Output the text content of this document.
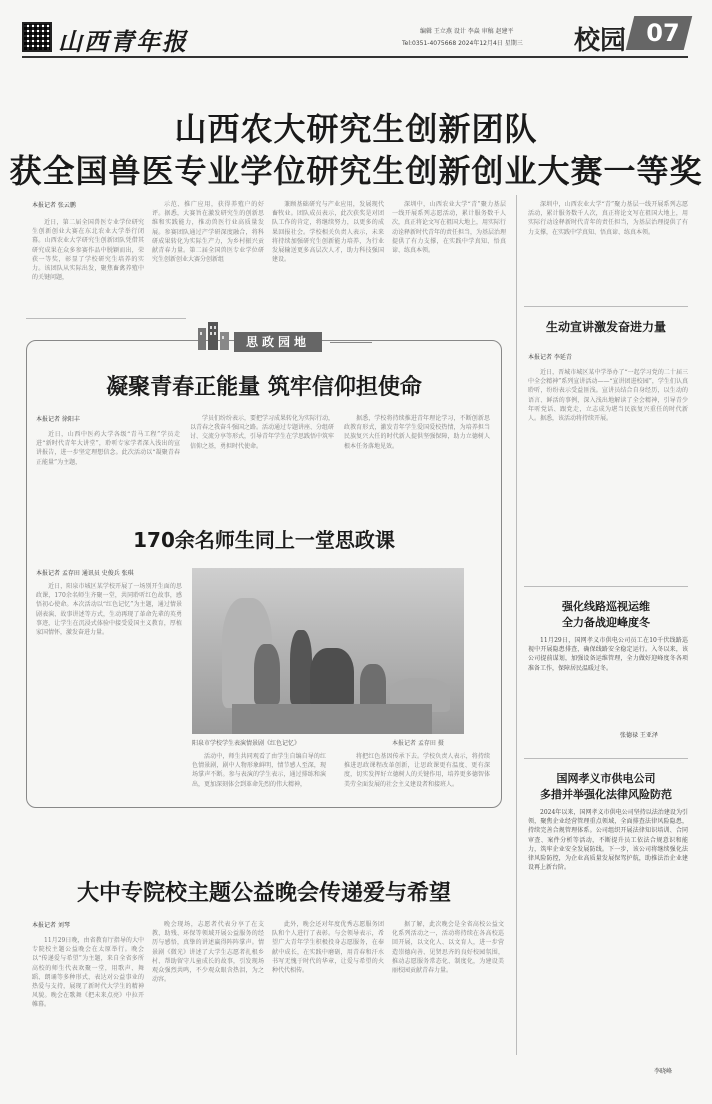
山西青年报	编辑 王立燕 设计 李焱 审稿 赵建平
Tel:0351-4075668 2024年12月4日 星期三 校园 07
山西农大研究生创新团队
获全国兽医专业学位研究生创新创业大赛一等奖
本报记者 张云鹏
近日，第二届全国兽医专业学位研究生创新创业大赛在东北农业大学举行闭幕。山西农业大学研究生创新团队凭借其研究成果在众多参赛作品中脱颖而出，荣获一等奖，彰显了学校研究生培养的实力。该团队从实际出发，聚焦畜禽养殖中的关键问题，
示范、推广应用，获得养殖户的好评。据悉，大赛旨在激发研究生的创新思维和实践能力，推动兽医行业高质量发展。参赛团队通过产学研深度融合，将科研成果转化为实际生产力，为乡村振兴贡献青春力量。第二届全国兽医专业学位研究生创新创业大赛分创新组
兼顾基础研究与产业应用，发展现代畜牧业。团队成员表示，此次获奖是对团队工作的肯定，将继续努力，以更多的成果回报社会。学校相关负责人表示，未来将持续加强研究生创新能力培养，为行业发展输送更多高层次人才，助力科技强国建设。
深圳中，山西农业大学“青”聚力基层一线开展系列志愿活动，累计服务数千人次，真正将论文写在祖国大地上，用实际行动诠释新时代青年的责任担当，为基层治理提供了有力支撑，在实践中学真知、悟真谛、练真本领。
深圳中，山西农业大学“青”聚力基层一线开展系列志愿活动，累计服务数千人次，真正将论文写在祖国大地上，用实际行动诠释新时代青年的责任担当，为基层治理提供了有力支撑，在实践中学真知、悟真谛、练真本领。
思政园地
凝聚青春正能量 筑牢信仰担使命
本报记者 徐阳丰
近日，山西中医药大学各级“青马工程”学员走进“新时代青年大讲堂”，聆听专家学者深入浅出的宣讲报告，进一步坚定理想信念。此次活动以“凝聚青春正能量”为主题，
学员们纷纷表示，要把学习成果转化为实际行动，以青春之我奋斗强国之路。活动通过专题讲座、分组研讨、交流分享等形式，引导青年学生在学思践悟中筑牢信仰之基，勇担时代使命。
据悉，学校将持续推进青年理论学习，不断创新思政教育形式，激发青年学生爱国爱校热情，为培养担当民族复兴大任的时代新人提供坚强保障，助力立德树人根本任务落地见效。
170余名师生同上一堂思政课
本报记者 孟存田 通讯员 史俊兵 张琪
近日，阳泉市城区某学校开展了一场别开生面的思政课，170余名师生齐聚一堂，共同聆听红色故事，感悟初心使命。本次活动以“红色记忆”为主题，通过情景剧表演、故事讲述等方式，生动再现了革命先辈的英勇事迹，让学生在沉浸式体验中接受爱国主义教育，厚植家国情怀，激发奋进力量。
阳泉市学校学生表演情景剧《红色记忆》	本报记者 孟存田 摄
活动中，师生共同观看了由学生自编自导的红色情景剧，剧中人物形象鲜明，情节感人至深，现场掌声不断。参与表演的学生表示，通过排练和演出，更加深刻体会到革命先烈的伟大精神，
将把红色基因传承下去。学校负责人表示，将持续推进思政课程改革创新，让思政课更有温度、更有深度，切实发挥好立德树人的关键作用，培养更多德智体美劳全面发展的社会主义建设者和接班人。
大中专院校主题公益晚会传递爱与希望
本报记者 刘琴
11月29日晚，由省教育厅指导的大中专院校主题公益晚会在太原举行。晚会以“传递爱与希望”为主题，来自全省多所高校的师生代表欢聚一堂，用歌声、舞蹈、朗诵等多种形式，表达对公益事业的热爱与支持，展现了新时代大学生的精神风貌。晚会在歌舞《把未来点亮》中拉开帷幕。
晚会现场，志愿者代表分享了在支教、助残、环保等领域开展公益服务的经历与感悟，真挚的讲述赢得阵阵掌声。情景剧《微光》讲述了大学生志愿者扎根乡村、帮助留守儿童成长的故事，引发现场观众强烈共鸣，不少观众眼含热泪，为之动容。
此外，晚会还对年度优秀志愿服务团队和个人进行了表彰。与会领导表示，希望广大青年学生积极投身志愿服务，在奉献中成长，在实践中磨砺，用青春和汗水书写无愧于时代的华章，让爱与希望的火种代代相传。
据了解，此次晚会是全省高校公益文化系列活动之一，活动将持续在各高校巡回开展，以文化人、以文育人，进一步营造崇德向善、见贤思齐的良好校园氛围，推动志愿服务常态化、制度化，为建设美丽校园贡献青春力量。
生动宣讲激发奋进力量
本报记者 李延青
近日，晋城市城区某中学举办了“一起学习党的二十届三中全会精神”系列宣讲活动——“宣讲团进校园”，学生们认真聆听，纷纷表示受益匪浅。宣讲员结合自身经历，以生动的语言、鲜活的事例，深入浅出地解读了全会精神，引导青少年听党话、跟党走，立志成为堪当民族复兴重任的时代新人。据悉，该活动将持续开展。
强化线路巡视运维
全力备战迎峰度冬
11月29日，国网孝义市供电公司员工在10千伏线路巡视中开展隐患排查，确保线路安全稳定运行。入冬以来，该公司提前谋划，加强设备运维管理，全力做好迎峰度冬各项准备工作，保障居民温暖过冬。
张德禄 王亚泽
国网孝义市供电公司
多措并举强化法律风险防范
2024年以来，国网孝义市供电公司坚持以法治建设为引领，聚焦企业经营管理重点领域，全面排查法律风险隐患，持续完善合规管理体系。公司组织开展法律知识培训、合同审查、案件分析等活动，不断提升员工依法合规意识和能力，筑牢企业安全发展防线。下一步，该公司将继续强化法律风险防控，为企业高质量发展保驾护航，助推法治企业建设再上新台阶。
李晓峰
